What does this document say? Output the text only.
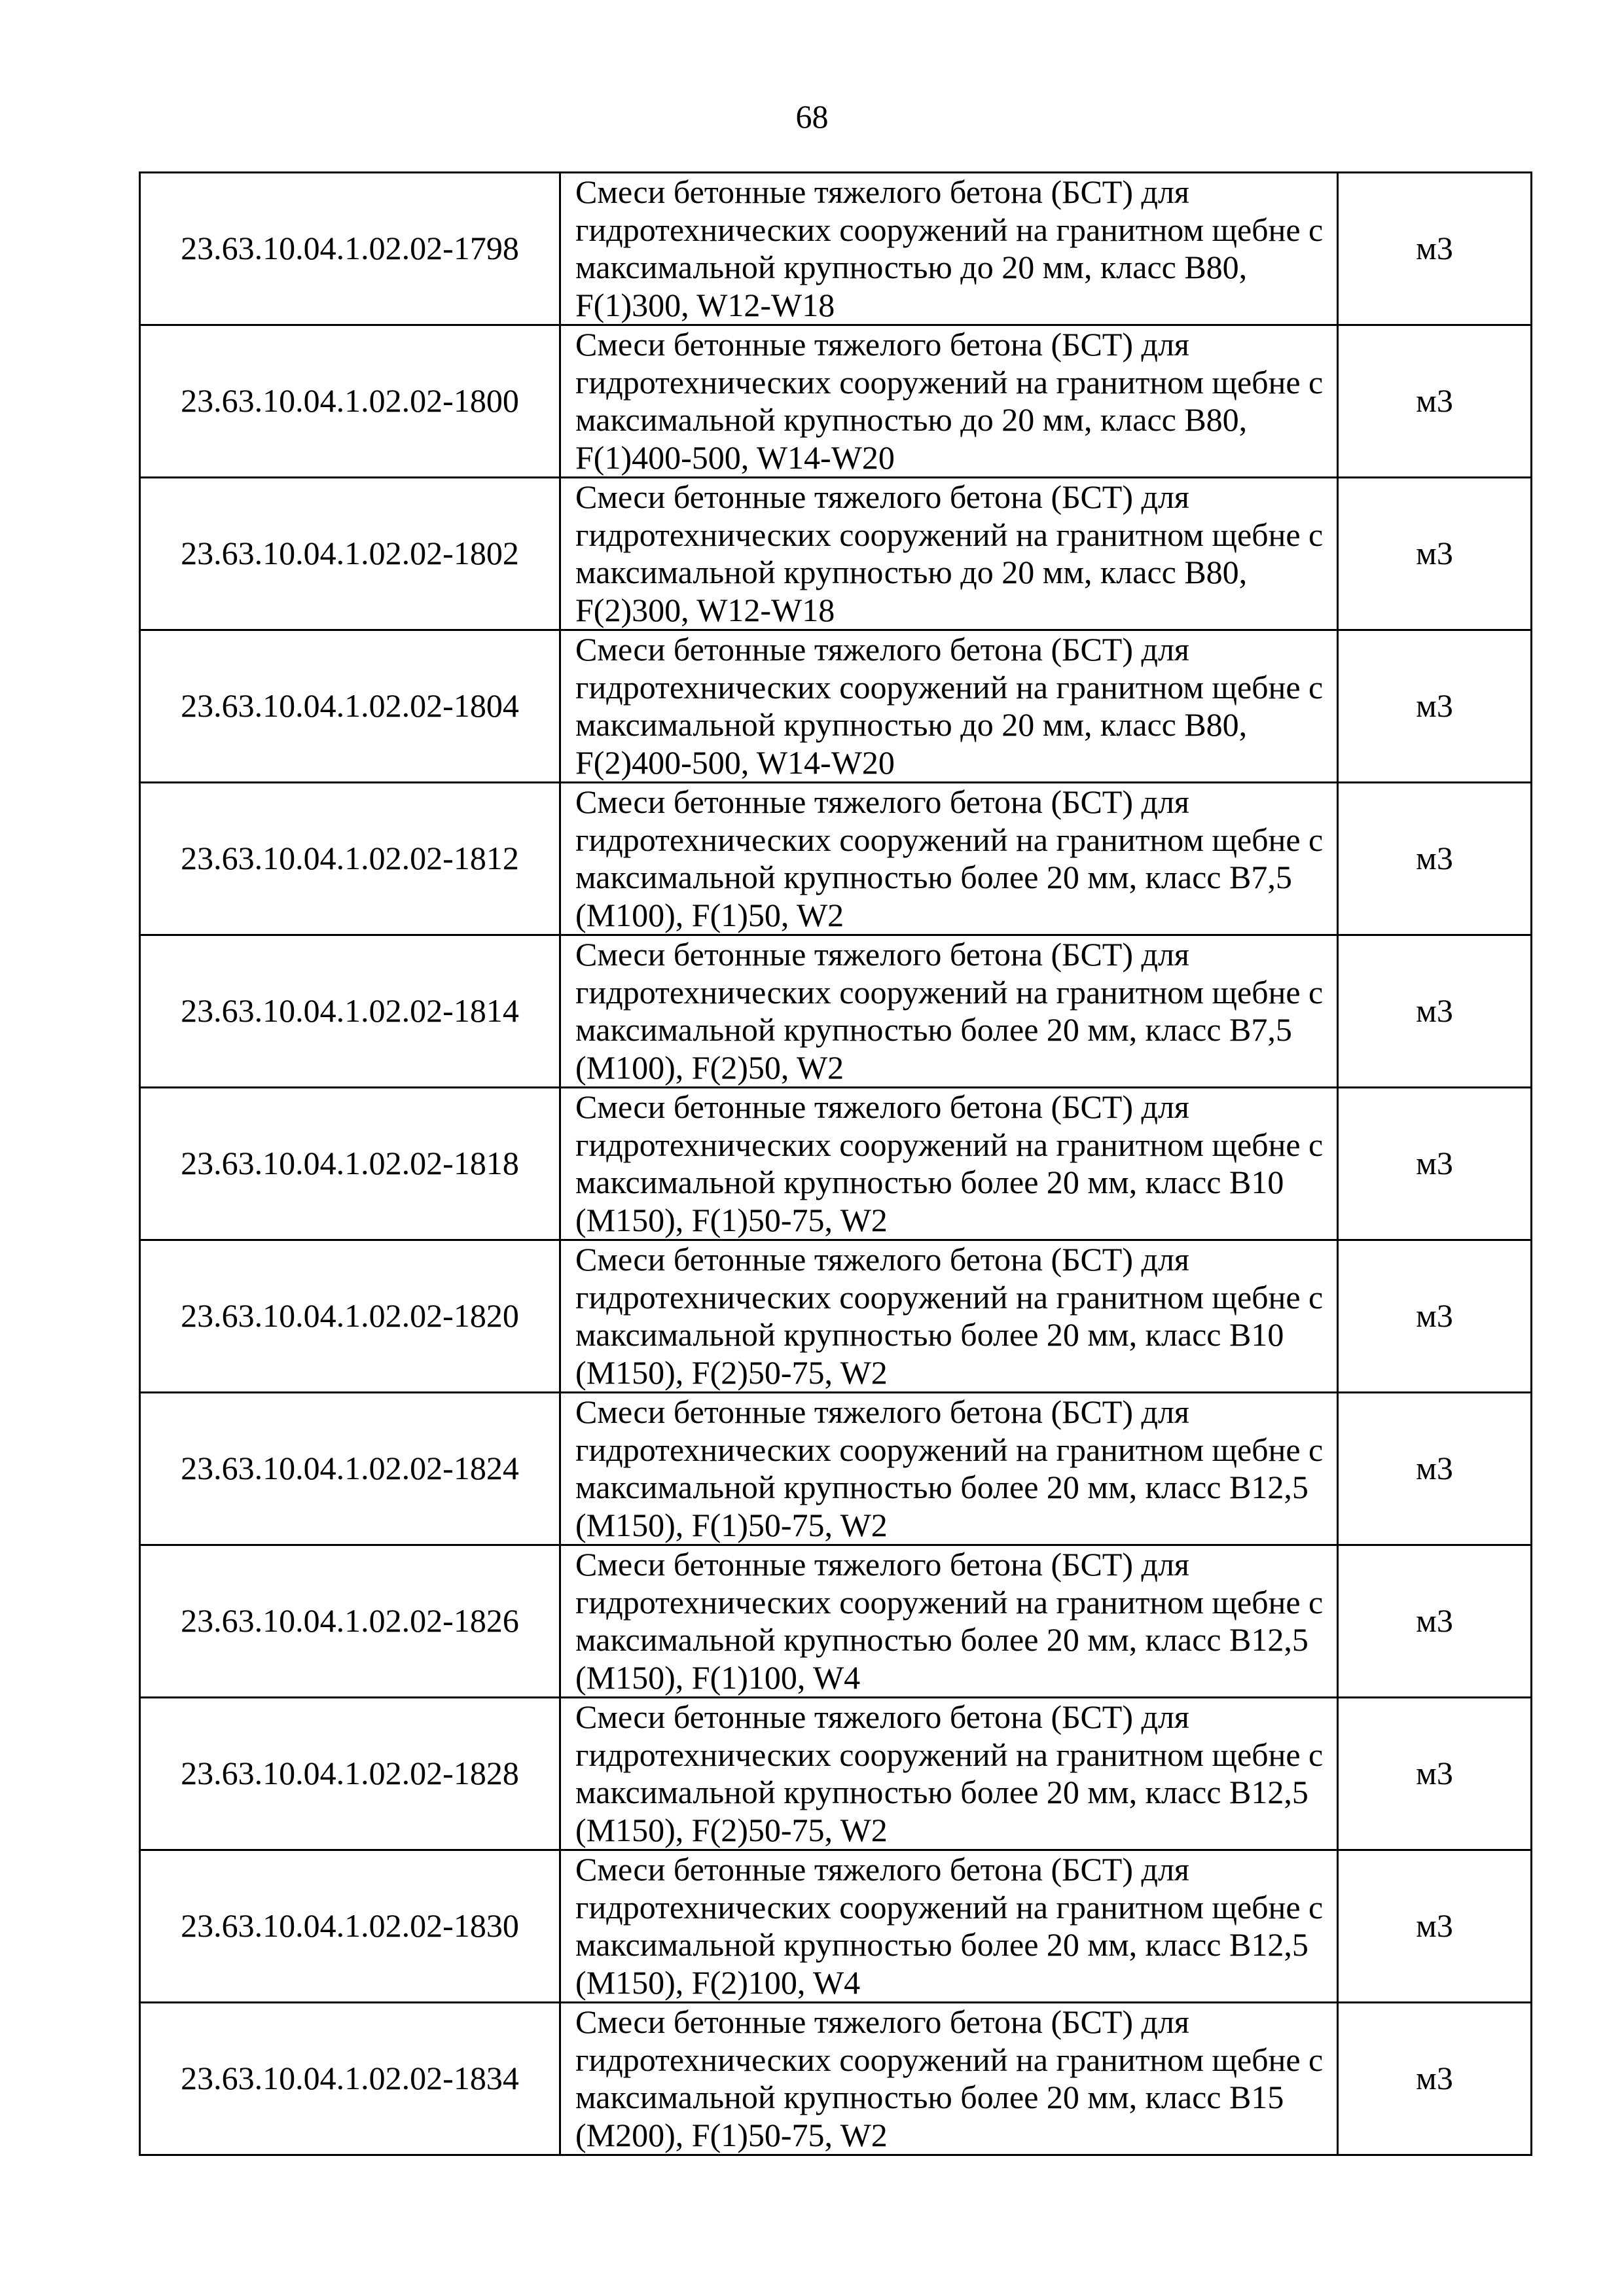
68
23.63.10.04.1.02.02-1798	Смеси бетонные тяжелого бетона (БСТ) для гидротехнических сооружений на гранитном щебне с максимальной крупностью до 20 мм, класс В80, F(1)300, W12-W18	м3
23.63.10.04.1.02.02-1800	Смеси бетонные тяжелого бетона (БСТ) для гидротехнических сооружений на гранитном щебне с максимальной крупностью до 20 мм, класс В80, F(1)400-500, W14-W20	м3
23.63.10.04.1.02.02-1802	Смеси бетонные тяжелого бетона (БСТ) для гидротехнических сооружений на гранитном щебне с максимальной крупностью до 20 мм, класс В80, F(2)300, W12-W18	м3
23.63.10.04.1.02.02-1804	Смеси бетонные тяжелого бетона (БСТ) для гидротехнических сооружений на гранитном щебне с максимальной крупностью до 20 мм, класс В80, F(2)400-500, W14-W20	м3
23.63.10.04.1.02.02-1812	Смеси бетонные тяжелого бетона (БСТ) для гидротехнических сооружений на гранитном щебне с максимальной крупностью более 20 мм, класс В7,5 (М100), F(1)50, W2	м3
23.63.10.04.1.02.02-1814	Смеси бетонные тяжелого бетона (БСТ) для гидротехнических сооружений на гранитном щебне с максимальной крупностью более 20 мм, класс В7,5 (М100), F(2)50, W2	м3
23.63.10.04.1.02.02-1818	Смеси бетонные тяжелого бетона (БСТ) для гидротехнических сооружений на гранитном щебне с максимальной крупностью более 20 мм, класс В10 (М150), F(1)50-75, W2	м3
23.63.10.04.1.02.02-1820	Смеси бетонные тяжелого бетона (БСТ) для гидротехнических сооружений на гранитном щебне с максимальной крупностью более 20 мм, класс В10 (М150), F(2)50-75, W2	м3
23.63.10.04.1.02.02-1824	Смеси бетонные тяжелого бетона (БСТ) для гидротехнических сооружений на гранитном щебне с максимальной крупностью более 20 мм, класс В12,5 (М150), F(1)50-75, W2	м3
23.63.10.04.1.02.02-1826	Смеси бетонные тяжелого бетона (БСТ) для гидротехнических сооружений на гранитном щебне с максимальной крупностью более 20 мм, класс В12,5 (М150), F(1)100, W4	м3
23.63.10.04.1.02.02-1828	Смеси бетонные тяжелого бетона (БСТ) для гидротехнических сооружений на гранитном щебне с максимальной крупностью более 20 мм, класс В12,5 (М150), F(2)50-75, W2	м3
23.63.10.04.1.02.02-1830	Смеси бетонные тяжелого бетона (БСТ) для гидротехнических сооружений на гранитном щебне с максимальной крупностью более 20 мм, класс В12,5 (М150), F(2)100, W4	м3
23.63.10.04.1.02.02-1834	Смеси бетонные тяжелого бетона (БСТ) для гидротехнических сооружений на гранитном щебне с максимальной крупностью более 20 мм, класс В15 (М200), F(1)50-75, W2	м3
